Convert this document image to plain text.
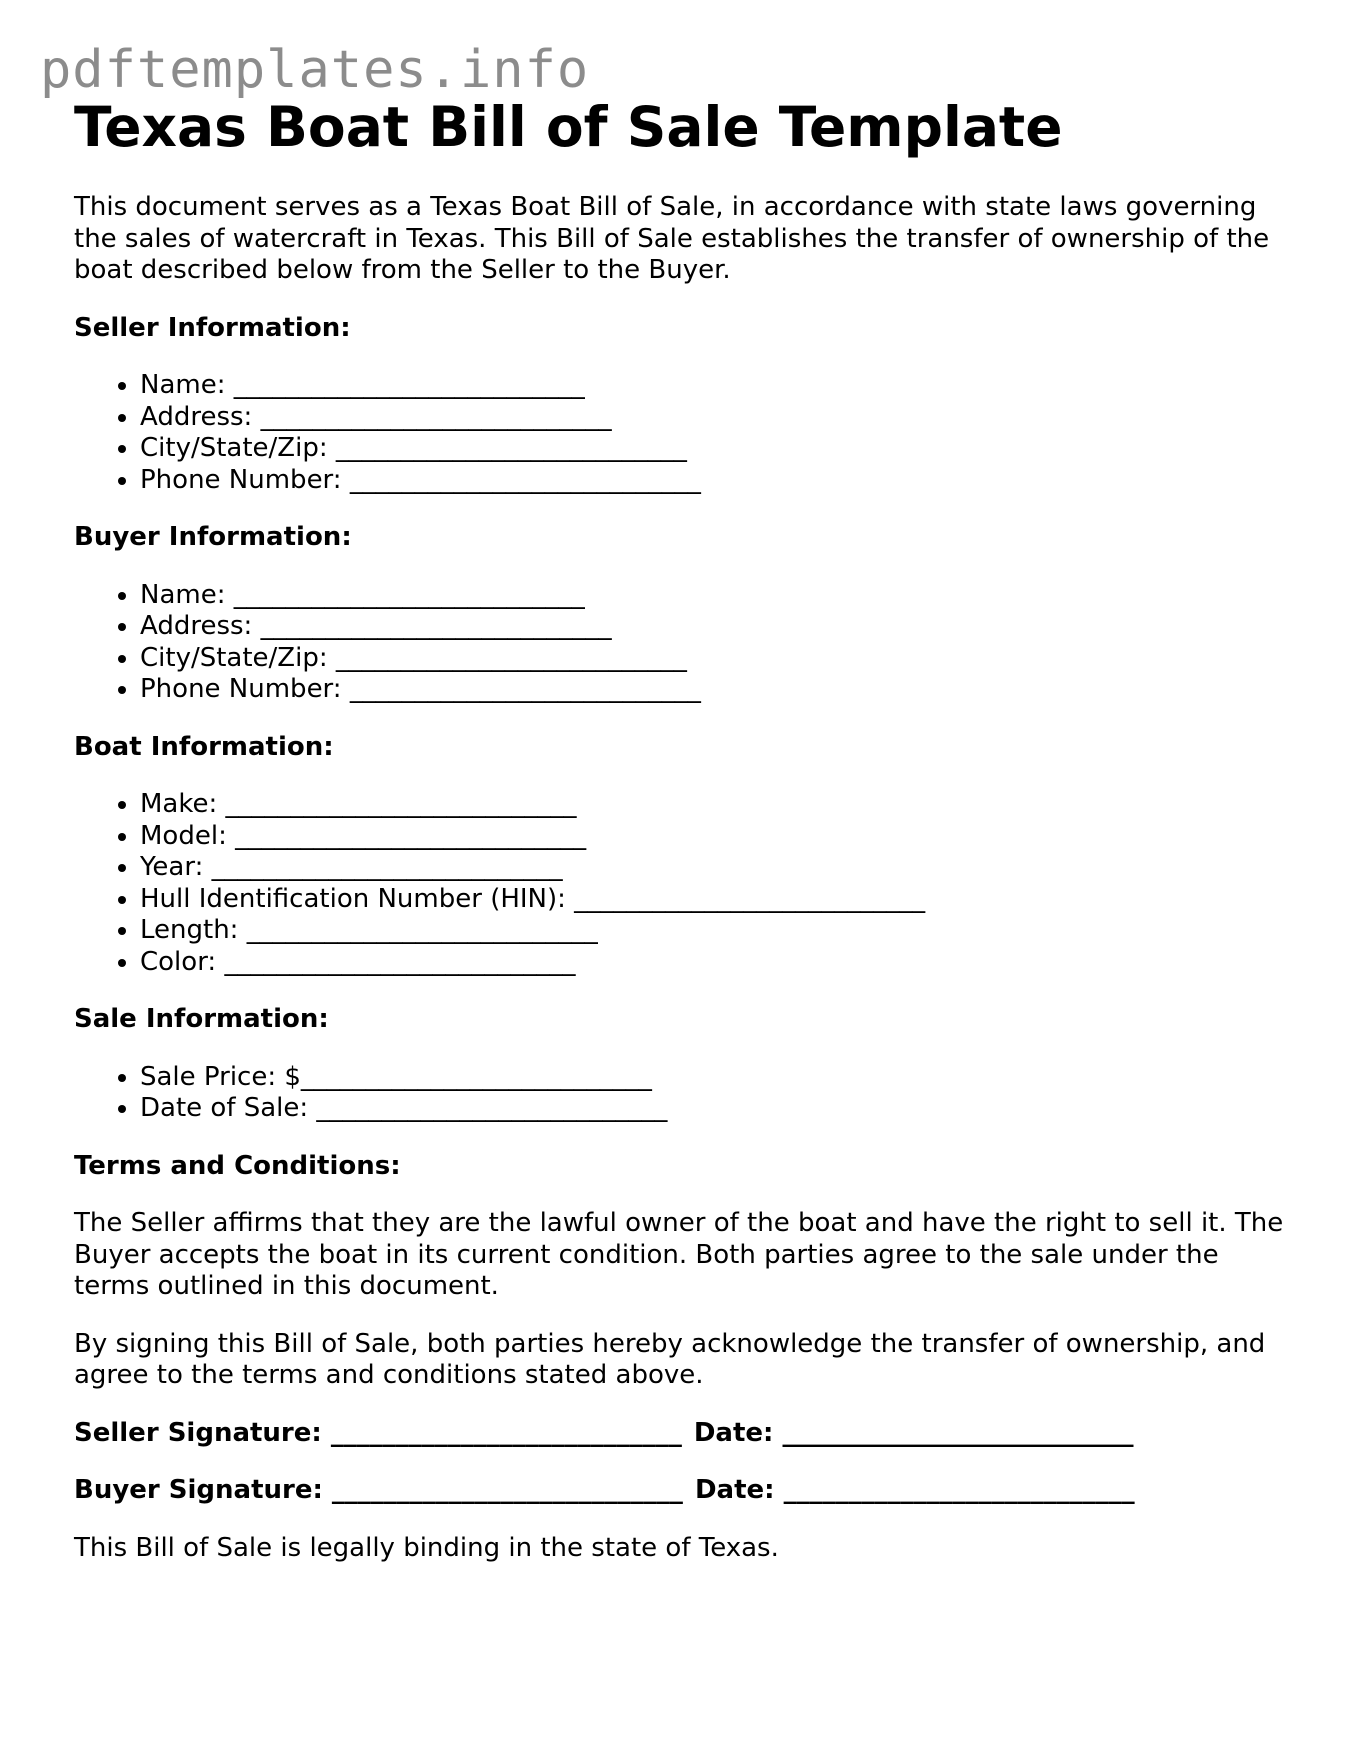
pdftemplates.info
Texas Boat Bill of Sale Template

This document serves as a Texas Boat Bill of Sale, in accordance with state laws governing the sales of watercraft in Texas. This Bill of Sale establishes the transfer of ownership of the boat described below from the Seller to the Buyer.

Seller Information:
• Name: ___________________________
• Address: ___________________________
• City/State/Zip: ___________________________
• Phone Number: ___________________________
Buyer Information:
• Name: ___________________________
• Address: ___________________________
• City/State/Zip: ___________________________
• Phone Number: ___________________________
Boat Information:
• Make: ___________________________
• Model: ___________________________
• Year: ___________________________
• Hull Identification Number (HIN): ___________________________
• Length: ___________________________
• Color: ___________________________
Sale Information:
• Sale Price: $___________________________
• Date of Sale: ___________________________
Terms and Conditions:

The Seller affirms that they are the lawful owner of the boat and have the right to sell it. The Buyer accepts the boat in its current condition. Both parties agree to the sale under the terms outlined in this document.

By signing this Bill of Sale, both parties hereby acknowledge the transfer of ownership, and agree to the terms and conditions stated above.

Seller Signature: ___________________________ Date: ___________________________
Buyer Signature: ___________________________ Date: ___________________________

This Bill of Sale is legally binding in the state of Texas.
